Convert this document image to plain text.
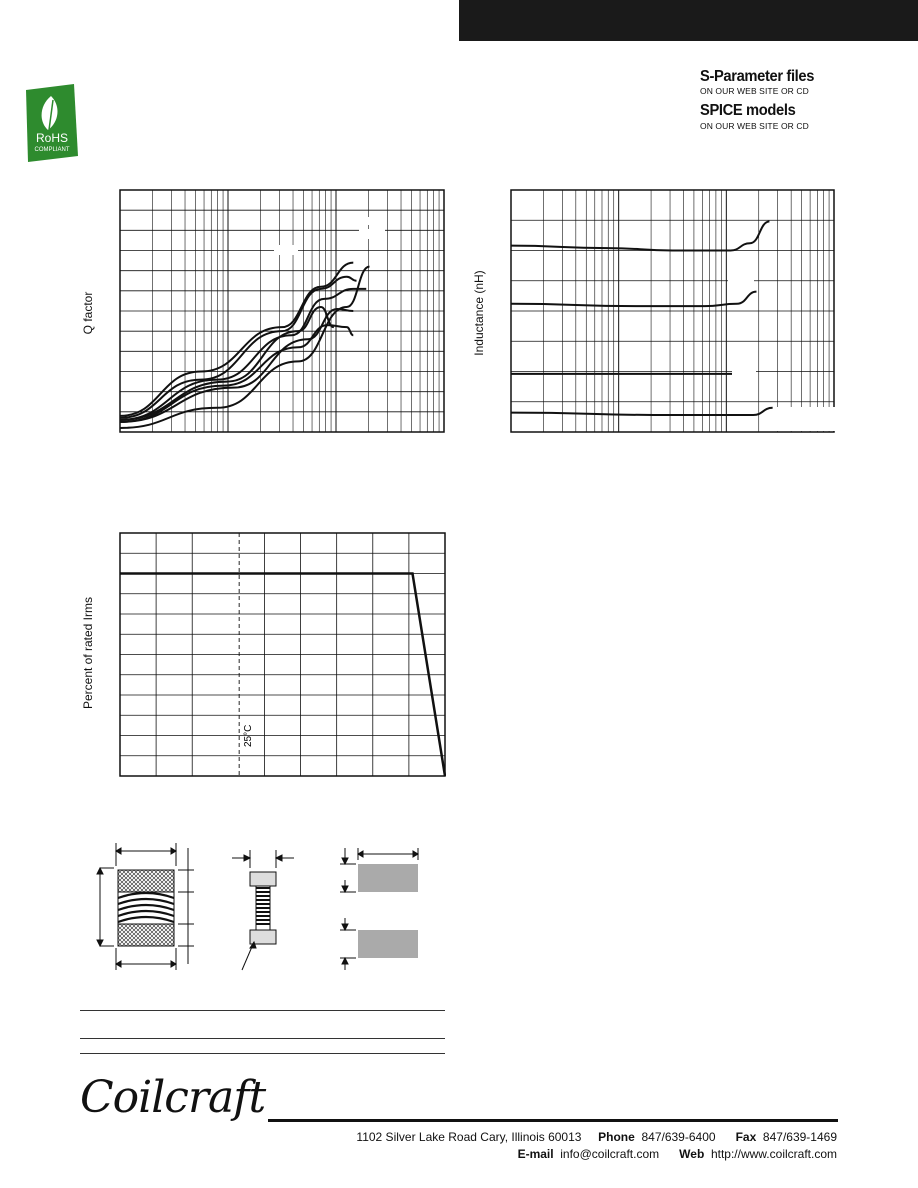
RoHS
COMPLIANT
S-Parameter files
ON OUR WEB SITE OR CD
SPICE models
ON OUR WEB SITE OR CD
Q factor	Inductance (nH)
Percent of rated Irms
25°C
Coilcraft
1102 Silver Lake Road Cary, Illinois 60013 Phone 847/639-6400 Fax 847/639-1469
E-mail info@coilcraft.com Web http://www.coilcraft.com
